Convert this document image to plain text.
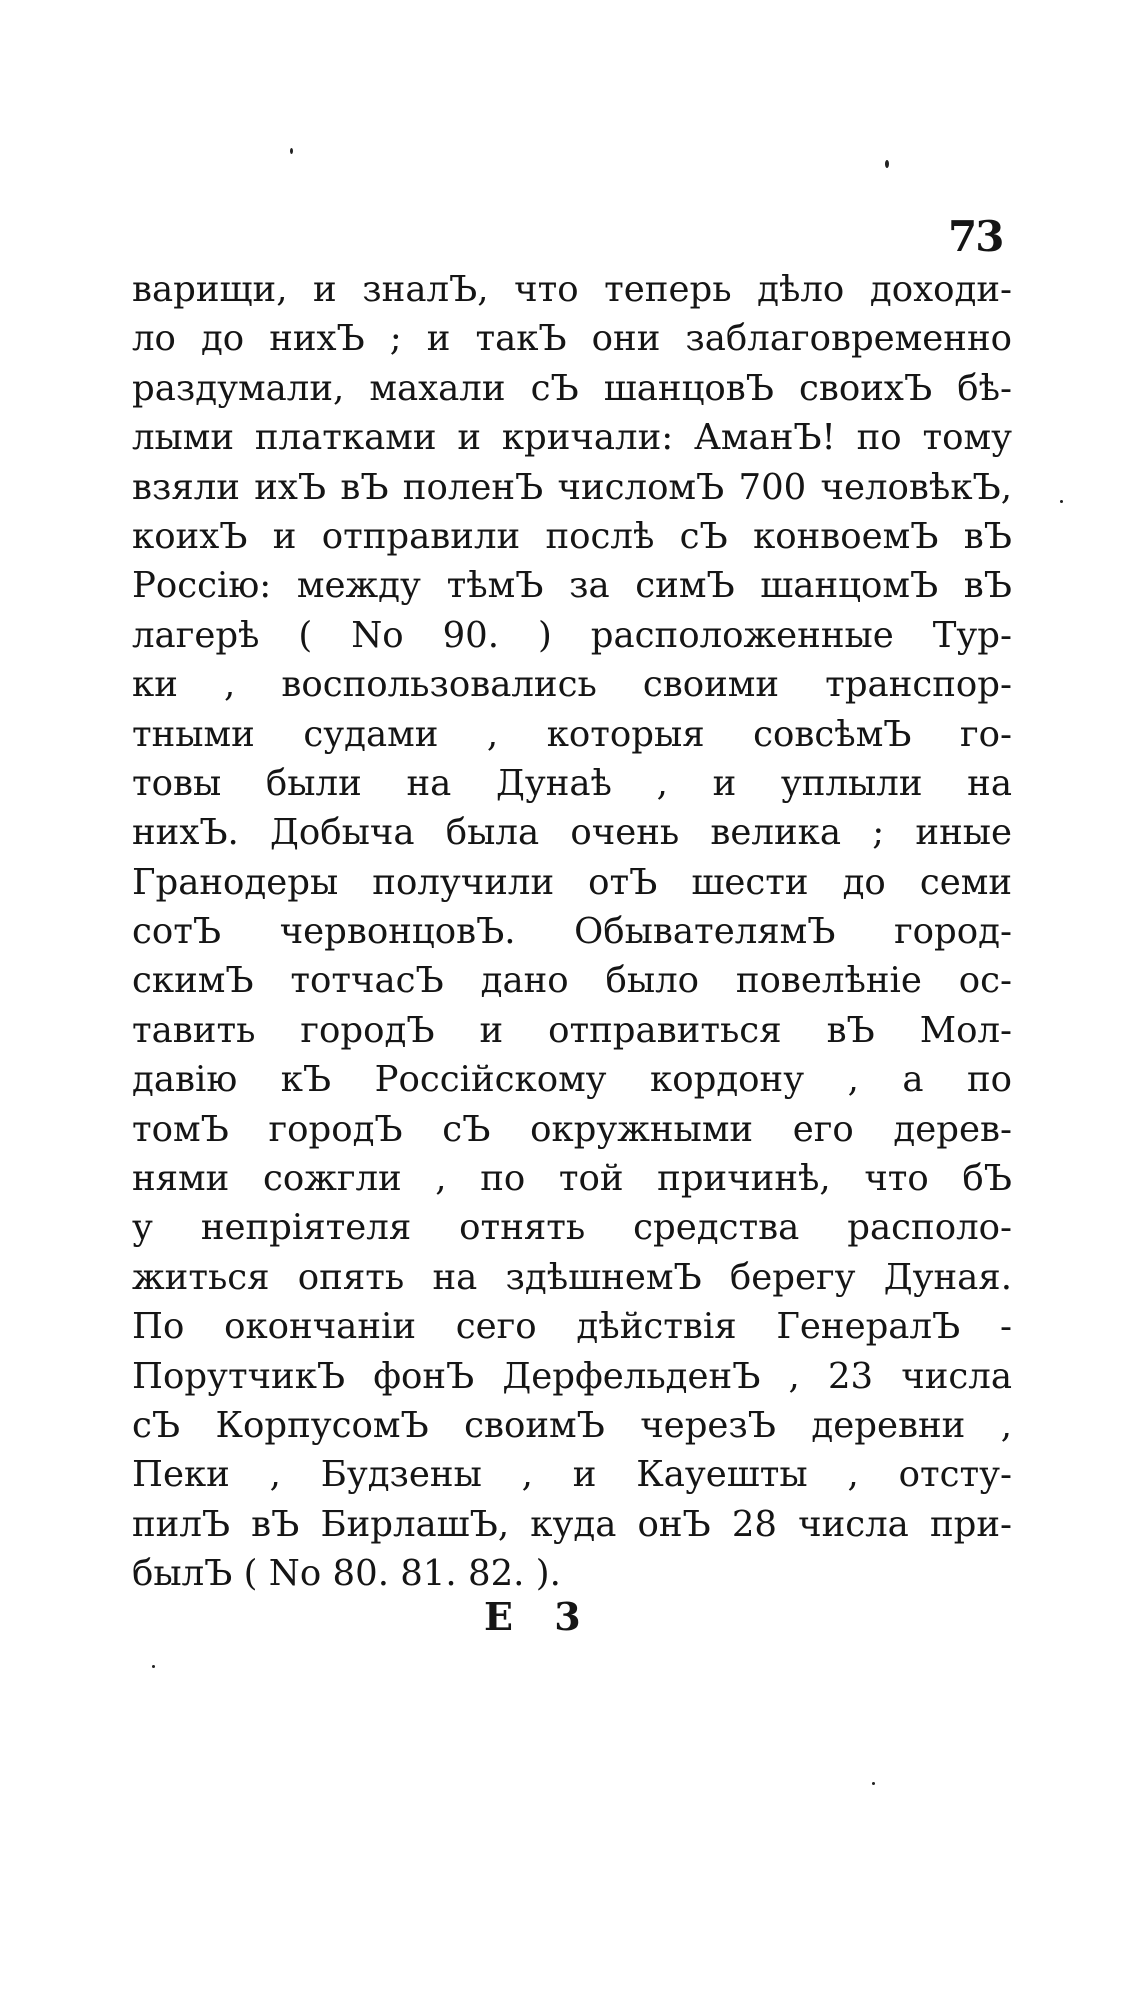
73
варищи, и зналЪ, что теперь дѣло доходи-
ло до нихЪ ; и такЪ они заблаговременно
раздумали, махали сЪ шанцовЪ своихЪ бѣ-
лыми платками и кричали: АманЪ! по тому
взяли ихЪ вЪ поленЪ числомЪ 700 человѣкЪ,
коихЪ и отправили послѣ сЪ конвоемЪ вЪ
Россію: между тѣмЪ за симЪ шанцомЪ вЪ
лагерѣ ( No 90. ) расположенные Тур-
ки , воспользовались своими транспор-
тными судами , которыя совсѣмЪ го-
товы были на Дунаѣ , и уплыли на
нихЪ. Добыча была очень велика ; иные
Гранодеры получили отЪ шести до семи
сотЪ червонцовЪ. ОбывателямЪ город-
скимЪ тотчасЪ дано было повелѣніе ос-
тавить городЪ и отправиться вЪ Мол-
давію кЪ Россійскому кордону , а по
томЪ городЪ сЪ окружными его дерев-
нями сожгли , по той причинѣ, что бЪ
у непріятеля отнять средства располо-
житься опять на здѣшнемЪ берегу Дуная.
По окончаніи сего дѣйствія ГенералЪ -
ПорутчикЪ фонЪ ДерфельденЪ , 23 числа
сЪ КорпусомЪ своимЪ черезЪ деревни ,
Пеки , Будзены , и Кауешты , отсту-
пилЪ вЪ БирлашЪ, куда онЪ 28 числа при-
былЪ ( No 80. 81. 82. ).
Е 3
